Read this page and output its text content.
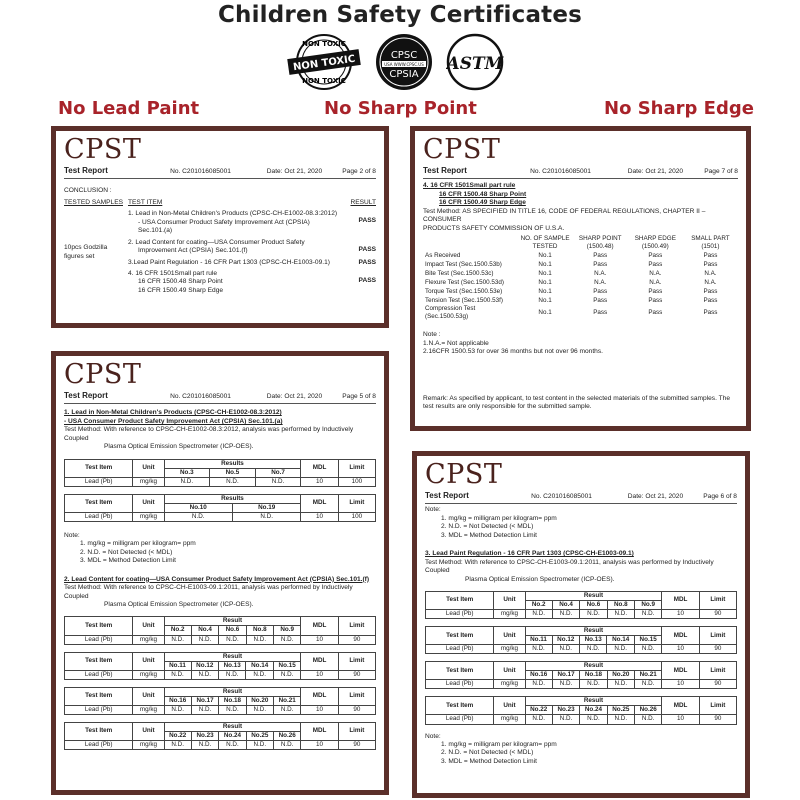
Children Safety Certificates
NON TOXIC
NON TOXIC
NON TOXIC
CPSC
USA WWW.CPSC.US
CPSIA
ASTM
No Lead Paint	No Sharp Point	No Sharp Edge
CPST
Test Report	No. C201016085001	Date: Oct 21, 2020	Page 2 of 8
CONCLUSION :
TESTED SAMPLES TEST ITEM	RESULT
10pcs Godzilla figures set
1. Lead in Non-Metal Children's Products (CPSC-CH-E1002-08.3:2012)
- USA Consumer Product Safety Improvement Act (CPSIA)
Sec.101.(a)
PASS
2. Lead Content for coating—USA Consumer Product Safety
Improvement Act (CPSIA) Sec.101.(f)	PASS
3.Lead Paint Regulation - 16 CFR Part 1303 (CPSC-CH-E1003-09.1)	PASS
4. 16 CFR 1501Small part rule
16 CFR 1500.48 Sharp Point
16 CFR 1500.49 Sharp Edge
PASS
CPST
Test Report	No. C201016085001	Date: Oct 21, 2020	Page 5 of 8
1. Lead in Non-Metal Children's Products (CPSC-CH-E1002-08.3:2012)
- USA Consumer Product Safety Improvement Act (CPSIA) Sec.101.(a)
Test Method: With reference to CPSC-CH-E1002-08.3:2012, analysis was performed by Inductively Coupled
Plasma Optical Emission Spectrometer (ICP-OES).
Test Item	Unit	Results			MDL	Limit
		No.3	No.5	No.7		
Lead (Pb)	mg/kg	N.D.	N.D.	N.D.	10	100
Test Item	Unit	Results		MDL	Limit
		No.10	No.19		
Lead (Pb)	mg/kg	N.D.	N.D.	10	100
Note:
1. mg/kg = milligram per kilogram= ppm
2. N.D. = Not Detected (< MDL)
3. MDL = Method Detection Limit
2. Lead Content for coating—USA Consumer Product Safety Improvement Act (CPSIA) Sec.101.(f)
Test Method: With reference to CPSC-CH-E1003-09.1:2011, analysis was performed by Inductively Coupled
Plasma Optical Emission Spectrometer (ICP-OES).
Test Item	Unit	Result					MDL	Limit
		No.2	No.4	No.6	No.8	No.9		
Lead (Pb)	mg/kg	N.D.	N.D.	N.D.	N.D.	N.D.	10	90
Test Item	Unit	Result					MDL	Limit
		No.11	No.12	No.13	No.14	No.15		
Lead (Pb)	mg/kg	N.D.	N.D.	N.D.	N.D.	N.D.	10	90
Test Item	Unit	Result					MDL	Limit
		No.16	No.17	No.18	No.20	No.21		
Lead (Pb)	mg/kg	N.D.	N.D.	N.D.	N.D.	N.D.	10	90
Test Item	Unit	Result					MDL	Limit
		No.22	No.23	No.24	No.25	No.26		
Lead (Pb)	mg/kg	N.D.	N.D.	N.D.	N.D.	N.D.	10	90
CPST
Test Report	No. C201016085001	Date: Oct 21, 2020	Page 7 of 8
4. 16 CFR 1501Small part rule
16 CFR 1500.48 Sharp Point
16 CFR 1500.49 Sharp Edge
Test Method: AS SPECIFIED IN TITLE 16, CODE OF FEDERAL REGULATIONS, CHAPTER II – CONSUMER
PRODUCTS SAFETY COMMISSION OF U.S.A.
	NO. OF SAMPLE TESTED	SHARP POINT (1500.48)	SHARP EDGE (1500.49)	SMALL PART (1501)
As Received	No.1	Pass	Pass	Pass
Impact Test (Sec.1500.53b)	No.1	Pass	Pass	Pass
Bite Test (Sec.1500.53c)	No.1	N.A.	N.A.	N.A.
Flexure Test (Sec.1500.53d)	No.1	N.A.	N.A.	N.A.
Torque Test (Sec.1500.53e)	No.1	Pass	Pass	Pass
Tension Test (Sec.1500.53f)	No.1	Pass	Pass	Pass
Compression Test (Sec.1500.53g)	No.1	Pass	Pass	Pass
Note :
1.N.A.= Not applicable
2.16CFR 1500.53 for over 36 months but not over 96 months.
Remark: As specified by applicant, to test content in the selected materials of the submitted samples. The test results are only responsible for the submitted sample.
CPST
Test Report	No. C201016085001	Date: Oct 21, 2020	Page 6 of 8
Note:
1. mg/kg = milligram per kilogram= ppm
2. N.D. = Not Detected (< MDL)
3. MDL = Method Detection Limit
3. Lead Paint Regulation - 16 CFR Part 1303 (CPSC-CH-E1003-09.1)
Test Method: With reference to CPSC-CH-E1003-09.1:2011, analysis was performed by Inductively Coupled
Plasma Optical Emission Spectrometer (ICP-OES).
Test Item	Unit	Result					MDL	Limit
		No.2	No.4	No.6	No.8	No.9		
Lead (Pb)	mg/kg	N.D.	N.D.	N.D.	N.D.	N.D.	10	90
Test Item	Unit	Result					MDL	Limit
		No.11	No.12	No.13	No.14	No.15		
Lead (Pb)	mg/kg	N.D.	N.D.	N.D.	N.D.	N.D.	10	90
Test Item	Unit	Result					MDL	Limit
		No.16	No.17	No.18	No.20	No.21		
Lead (Pb)	mg/kg	N.D.	N.D.	N.D.	N.D.	N.D.	10	90
Test Item	Unit	Result					MDL	Limit
		No.22	No.23	No.24	No.25	No.26		
Lead (Pb)	mg/kg	N.D.	N.D.	N.D.	N.D.	N.D.	10	90
Note:
1. mg/kg = milligram per kilogram= ppm
2. N.D. = Not Detected (< MDL)
3. MDL = Method Detection Limit
